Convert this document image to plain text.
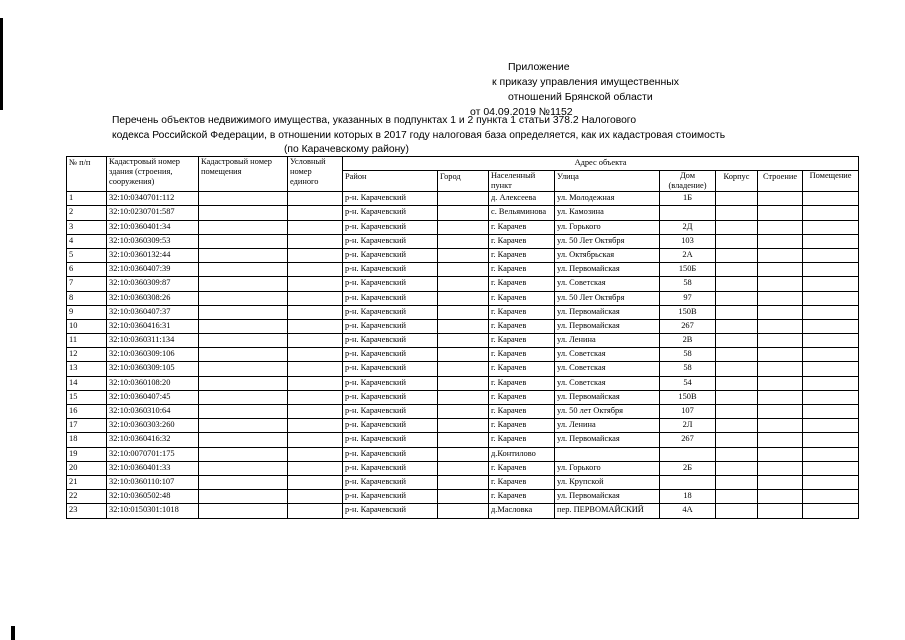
Приложение
к приказу управления имущественных
отношений Брянской области
от 04.09.2019 №1152
Перечень объектов недвижимого имущества, указанных в подпунктах 1 и 2 пункта 1 статьи 378.2 Налогового
кодекса Российской Федерации, в отношении которых в 2017 году налоговая база определяется, как их кадастровая стоимость
(по Карачевскому району)
№ п/п	Кадастровый номер здания (строения, сооружения)	Кадастровый номер помещения	Условный номер единого	Адрес объекта							
				Район	Город	Населенный пункт	Улица	Дом (владение)	Корпус	Строение	Помещение
1	32:10:0340701:112			р-н. Карачевский		д. Алексеева	ул. Молодежная	1Б			
2	32:10:0230701:587			р-н. Карачевский		с. Вельяминова	ул. Камозина				
3	32:10:0360401:34			р-н. Карачевский		г. Карачев	ул. Горького	2Д			
4	32:10:0360309:53			р-н. Карачевский		г. Карачев	ул. 50 Лет Октября	103			
5	32:10:0360132:44			р-н. Карачевский		г. Карачев	ул. Октябрьская	2А			
6	32:10:0360407:39			р-н. Карачевский		г. Карачев	ул. Первомайская	150Б			
7	32:10:0360309:87			р-н. Карачевский		г. Карачев	ул. Советская	58			
8	32:10:0360308:26			р-н. Карачевский		г. Карачев	ул. 50 Лет Октября	97			
9	32:10:0360407:37			р-н. Карачевский		г. Карачев	ул. Первомайская	150В			
10	32:10:0360416:31			р-н. Карачевский		г. Карачев	ул. Первомайская	267			
11	32:10:0360311:134			р-н. Карачевский		г. Карачев	ул. Ленина	2В			
12	32:10:0360309:106			р-н. Карачевский		г. Карачев	ул. Советская	58			
13	32:10:0360309:105			р-н. Карачевский		г. Карачев	ул. Советская	58			
14	32:10:0360108:20			р-н. Карачевский		г. Карачев	ул. Советская	54			
15	32:10:0360407:45			р-н. Карачевский		г. Карачев	ул. Первомайская	150В			
16	32:10:0360310:64			р-н. Карачевский		г. Карачев	ул. 50 лет Октября	107			
17	32:10:0360303:260			р-н. Карачевский		г. Карачев	ул. Ленина	2Л			
18	32:10:0360416:32			р-н. Карачевский		г. Карачев	ул. Первомайская	267			
19	32:10:0070701:175			р-н. Карачевский		д.Контилово					
20	32:10:0360401:33			р-н. Карачевский		г. Карачев	ул. Горького	2Б			
21	32:10:0360110:107			р-н. Карачевский		г. Карачев	ул. Крупской				
22	32:10:0360502:48			р-н. Карачевский		г. Карачев	ул. Первомайская	18			
23	32:10:0150301:1018			р-н. Карачевский		д.Масловка	пер. ПЕРВОМАЙСКИЙ	4А			
